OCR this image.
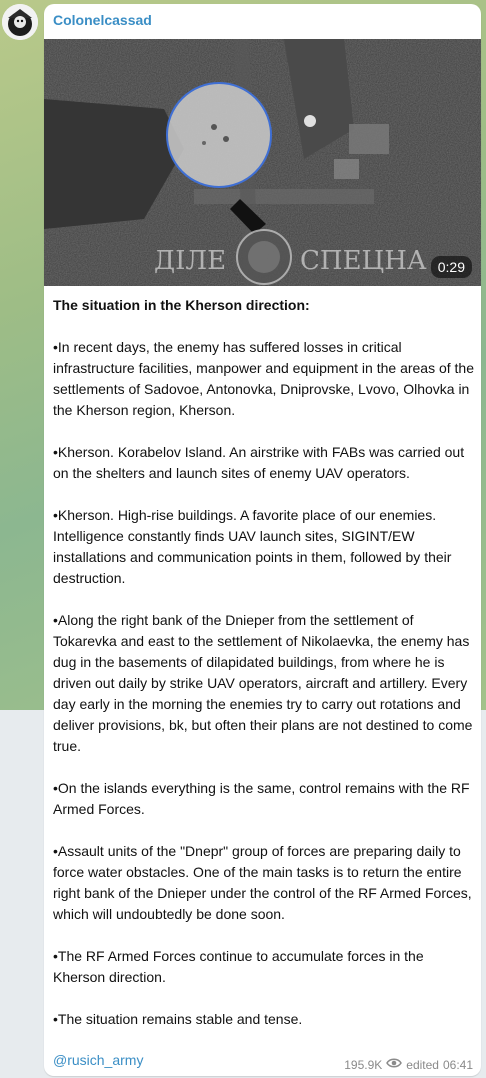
Colonelcassad
ДІЛЕ	СПЕЦНА 0:29

The situation in the Kherson direction:

•In recent days, the enemy has suffered losses in critical infrastructure facilities, manpower and equipment in the areas of the settlements of Sadovoe, Antonovka, Dniprovske, Lvovo, Olhovka in the Kherson region, Kherson.

•Kherson. Korabelov Island. An airstrike with FABs was carried out on the shelters and launch sites of enemy UAV operators.

•Kherson. High-rise buildings. A favorite place of our enemies. Intelligence constantly finds UAV launch sites, SIGINT/EW installations and communication points in them, followed by their destruction.

•Along the right bank of the Dnieper from the settlement of Tokarevka and east to the settlement of Nikolaevka, the enemy has dug in the basements of dilapidated buildings, from where he is driven out daily by strike UAV operators, aircraft and artillery. Every day early in the morning the enemies try to carry out rotations and deliver provisions, bk, but often their plans are not destined to come true.

•On the islands everything is the same, control remains with the RF Armed Forces.

•Assault units of the "Dnepr" group of forces are preparing daily to force water obstacles. One of the main tasks is to return the entire right bank of the Dnieper under the control of the RF Armed Forces, which will undoubtedly be done soon.

•The RF Armed Forces continue to accumulate forces in the Kherson direction.

•The situation remains stable and tense.

@rusich_army	195.9K edited 06:41
